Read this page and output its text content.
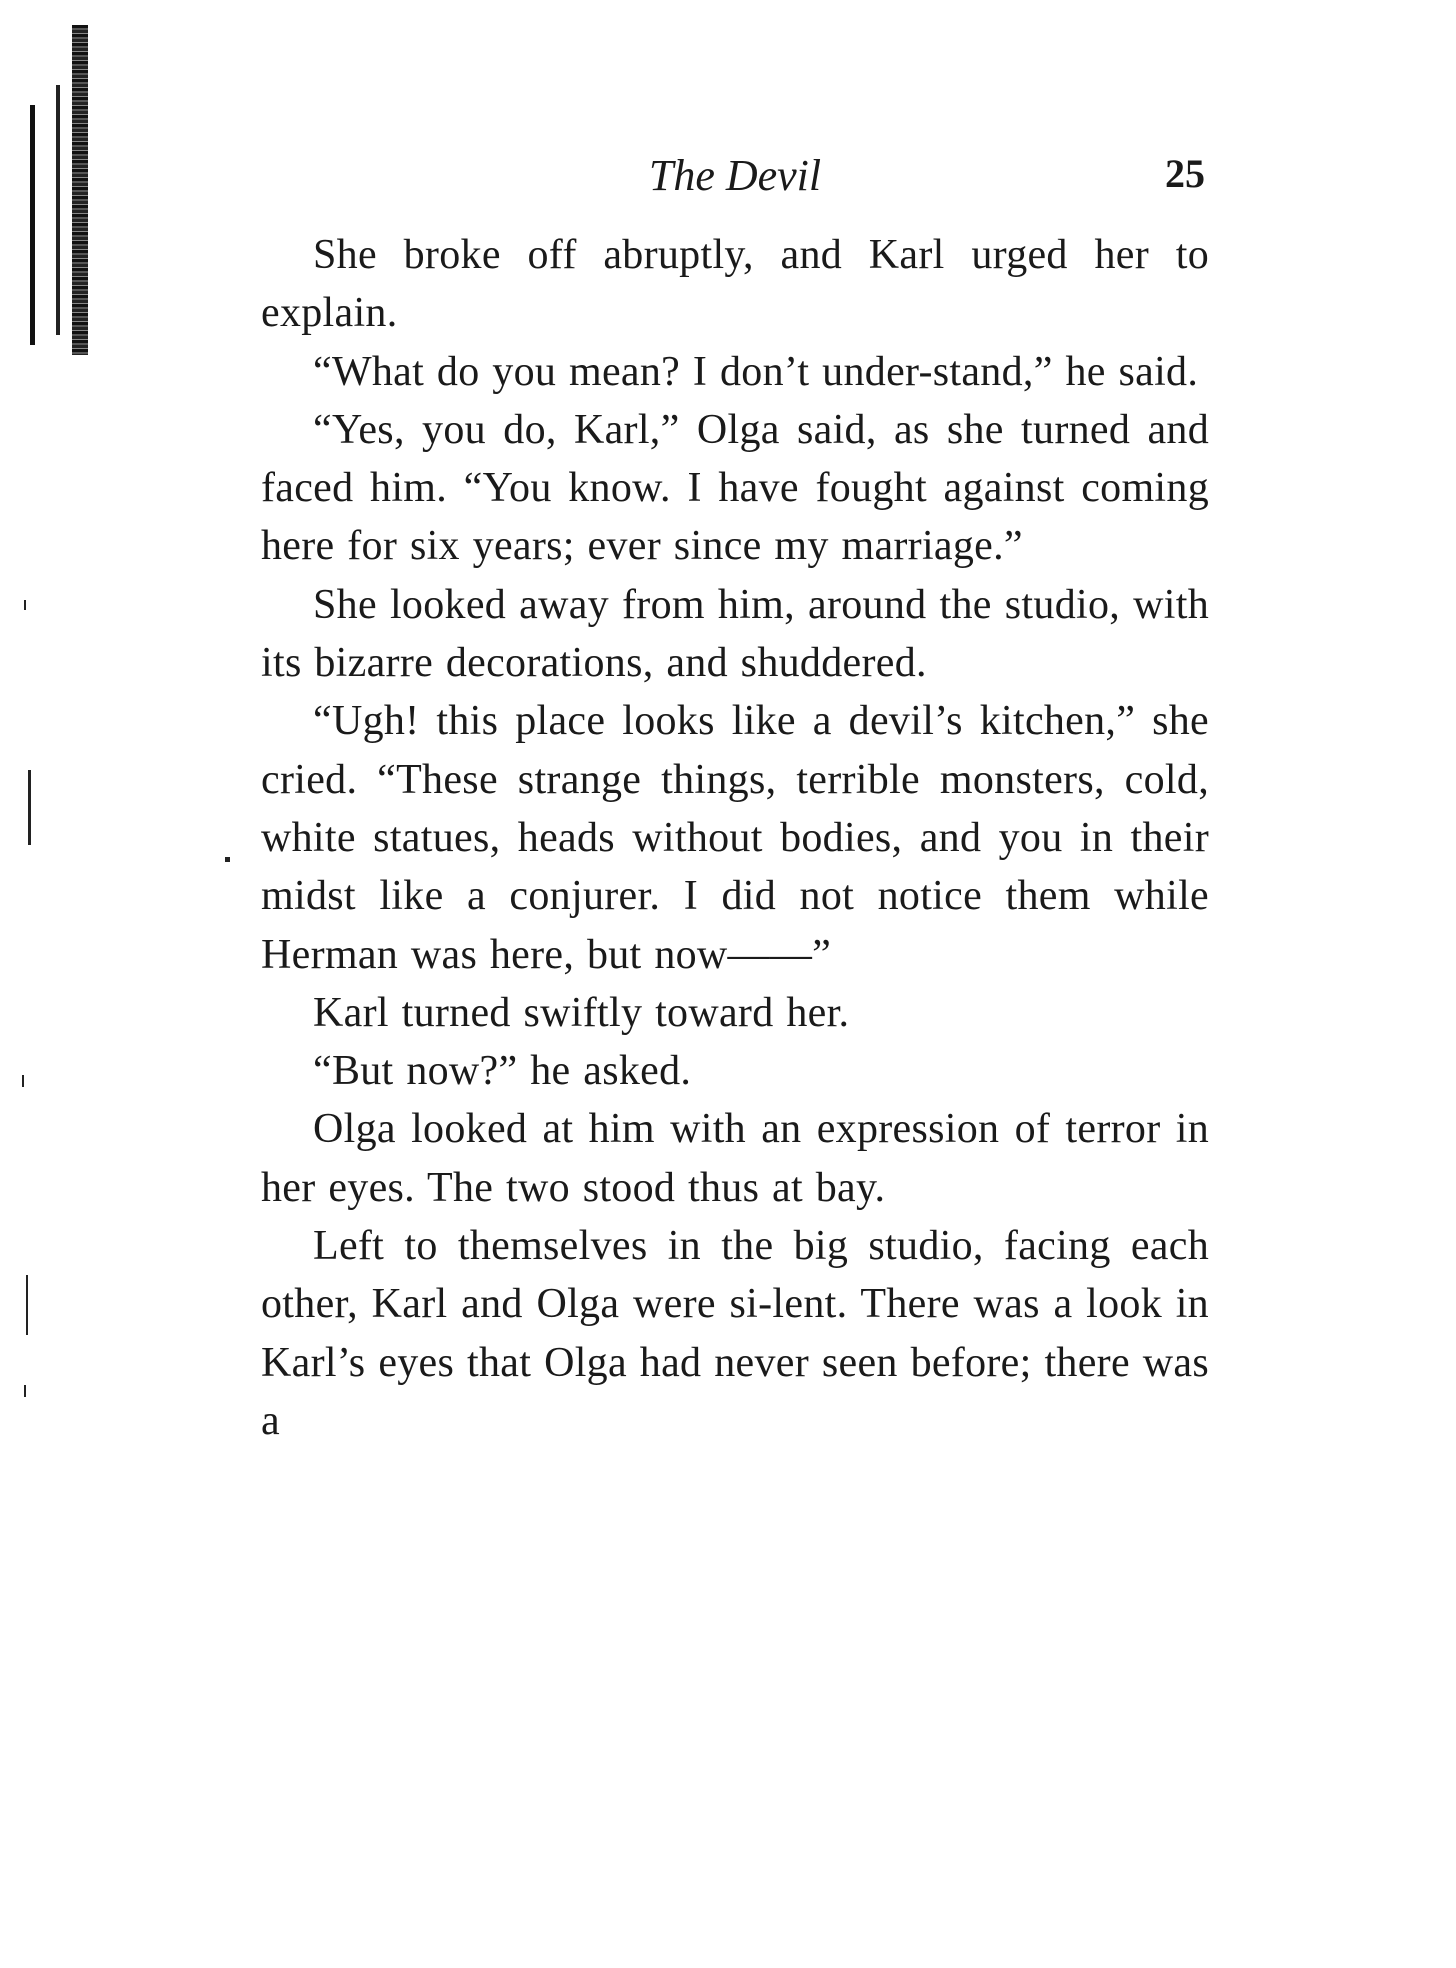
The Devil	25

She broke off abruptly, and Karl urged her to explain.

“What do you mean? I don’t under-stand,” he said.

“Yes, you do, Karl,” Olga said, as she turned and faced him. “You know. I have fought against coming here for six years; ever since my marriage.”

She looked away from him, around the studio, with its bizarre decorations, and shuddered.

“Ugh! this place looks like a devil’s kitchen,” she cried. “These strange things, terrible monsters, cold, white statues, heads without bodies, and you in their midst like a conjurer. I did not notice them while Herman was here, but now——”

Karl turned swiftly toward her.

“But now?” he asked.

Olga looked at him with an expression of terror in her eyes. The two stood thus at bay.

Left to themselves in the big studio, facing each other, Karl and Olga were si-lent. There was a look in Karl’s eyes that Olga had never seen before; there was a
